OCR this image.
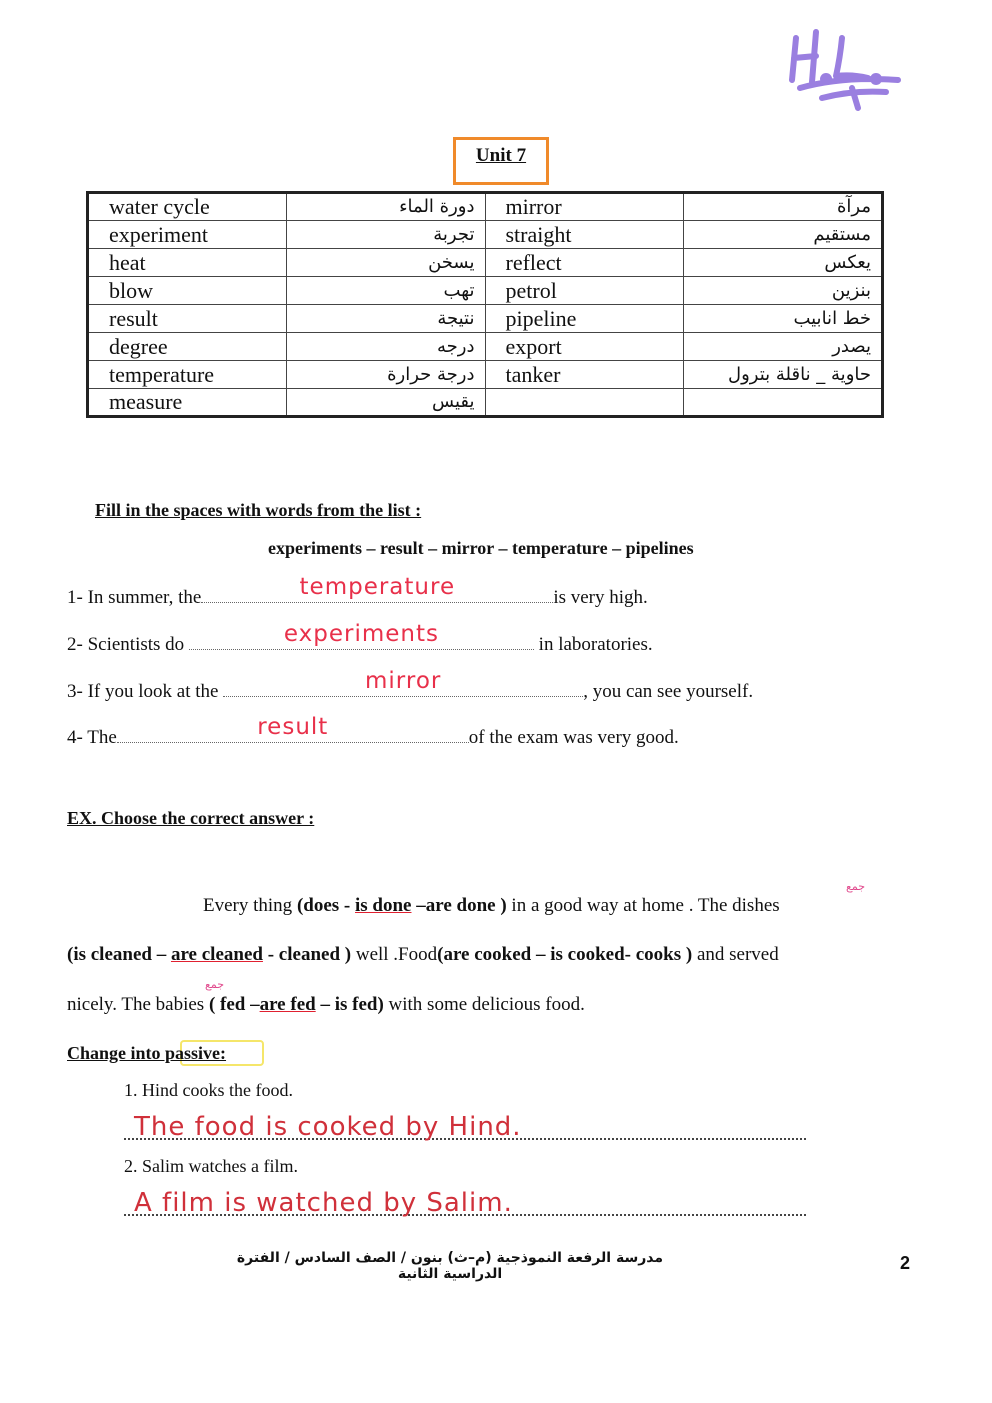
Unit 7
water cycle	دورة الماء	mirror	مرآة
experiment	تجربة	straight	مستقيم
heat	يسخن	reflect	يعكس
blow	تهب	petrol	بنزين
result	نتيجة	pipeline	خط انابيب
degree	درجه	export	يصدر
temperature	درجة حرارة	tanker	حاوية _ ناقلة بترول
measure	يقيس		
Fill in the spaces with words from the list :
experiments – result – mirror – temperature – pipelines
1- In summer, the	temperature	is very high.
2- Scientists do	experiments	in laboratories.
3- If you look at the	mirror	, you can see yourself.
4- The	result	of the exam was very good.
EX. Choose the correct answer :
جمع
Every thing (does - is done –are done ) in a good way at home . The dishes
(is cleaned – are cleaned - cleaned ) well .Food(are cooked – is cooked- cooks ) and served
جمع
nicely. The babies ( fed –are fed – is fed) with some delicious food.
Change into passive:
1. Hind cooks the food.
The food is cooked by Hind.
2. Salim watches a film.
A film is watched by Salim.
مدرسة الرفعة النموذجية (م–ث) بنون / الصف السادس / الفترة الدراسية الثانية
2
